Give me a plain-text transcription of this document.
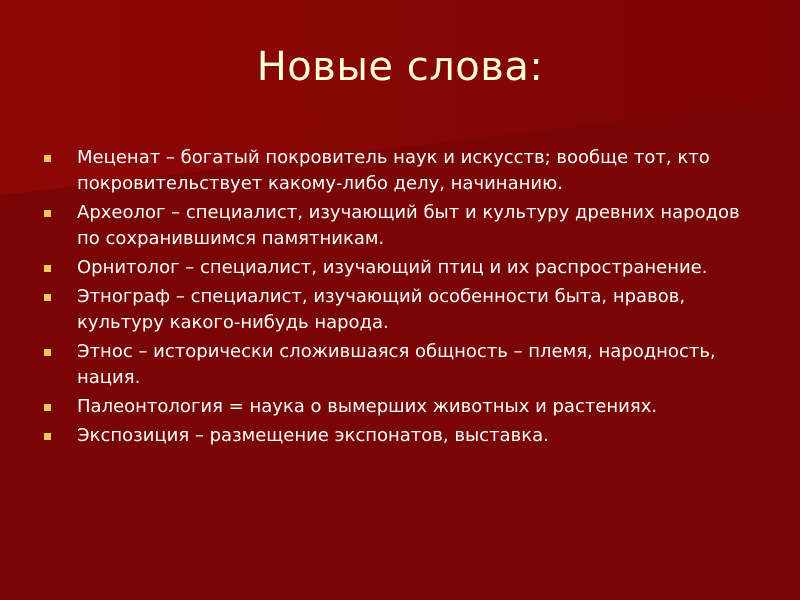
Новые слова:
Меценат – богатый покровитель наук и искусств; вообще тот, кто покровительствует какому-либо делу, начинанию.
Археолог – специалист, изучающий быт и культуру древних народов по сохранившимся памятникам.
Орнитолог – специалист, изучающий птиц и их распространение.
Этнограф – специалист, изучающий особенности быта, нравов, культуру какого-нибудь народа.
Этнос – исторически сложившаяся общность – племя, народность, нация.
Палеонтология = наука о вымерших животных и растениях.
Экспозиция – размещение экспонатов, выставка.
